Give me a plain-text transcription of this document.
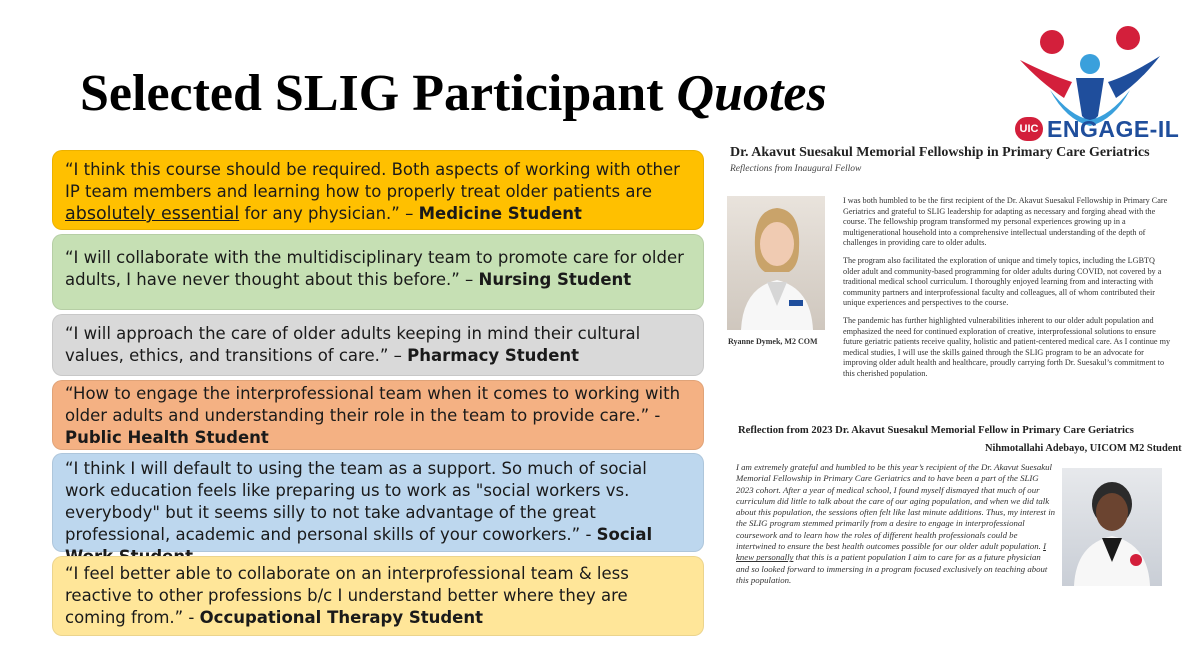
Selected SLIG Participant Quotes
UIC ENGAGE-IL
“I think this course should be required. Both aspects of working with other IP team members and learning how to properly treat older patients are absolutely essential for any physician.” – Medicine Student
“I will collaborate with the multidisciplinary team to promote care for older adults, I have never thought about this before.” – Nursing Student
“I will approach the care of older adults keeping in mind their cultural values, ethics, and transitions of care.” – Pharmacy Student
“How to engage the interprofessional team when it comes to working with older adults and understanding their role in the team to provide care.” - Public Health Student
“I think I will default to using the team as a support. So much of social work education feels like preparing us to work as "social workers vs. everybody" but it seems silly to not take advantage of the great professional, academic and personal skills of your coworkers.” - Social
“I feel better able to collaborate on an interprofessional team & less reactive to other professions b/c I understand better where they are coming from.” - Occupational Therapy Student
Dr. Akavut Suesakul Memorial Fellowship in Primary Care Geriatrics
Reflections from Inaugural Fellow
Ryanne Dymek, M2 COM

I was both humbled to be the first recipient of the Dr. Akavut Suesakul Fellowship in Primary Care Geriatrics and grateful to SLIG leadership for adapting as necessary and forging ahead with the course. The fellowship program transformed my personal experiences growing up in a multigenerational household into a comprehensive intellectual understanding of the depth of challenges in providing care to older adults.

The program also facilitated the exploration of unique and timely topics, including the LGBTQ older adult and community-based programming for older adults during COVID, not covered by a traditional medical school curriculum. I thoroughly enjoyed learning from and interacting with community partners and interprofessional faculty and colleagues, all of whom contributed their unique experiences and perspectives to the course.

The pandemic has further highlighted vulnerabilities inherent to our older adult population and emphasized the need for continued exploration of creative, interprofessional solutions to ensure future geriatric patients receive quality, holistic and patient-centered medical care. As I continue my medical studies, I will use the skills gained through the SLIG program to be an advocate for improving older adult health and healthcare, proudly carrying forth Dr. Suesakul’s commitment to this cherished population.

Reflection from 2023 Dr. Akavut Suesakul Memorial Fellow in Primary Care Geriatrics
Nihmotallahi Adebayo, UICOM M2 Student
I am extremely grateful and humbled to be this year’s recipient of the Dr. Akavut Suesakul Memorial Fellowship in Primary Care Geriatrics and to have been a part of the SLIG 2023 cohort. After a year of medical school, I found myself dismayed that much of our curriculum did little to talk about the care of our aging population, and when we did talk about this population, the sessions often felt like last minute additions. Thus, my interest in the SLIG program stemmed primarily from a desire to engage in interprofessional coursework and to learn how the roles of different health professionals could be intertwined to ensure the best health outcomes possible for our older adult population. I knew personally that this is a patient population I aim to care for as a future physician and so looked forward to immersing in a program focused exclusively on teaching about this population.
